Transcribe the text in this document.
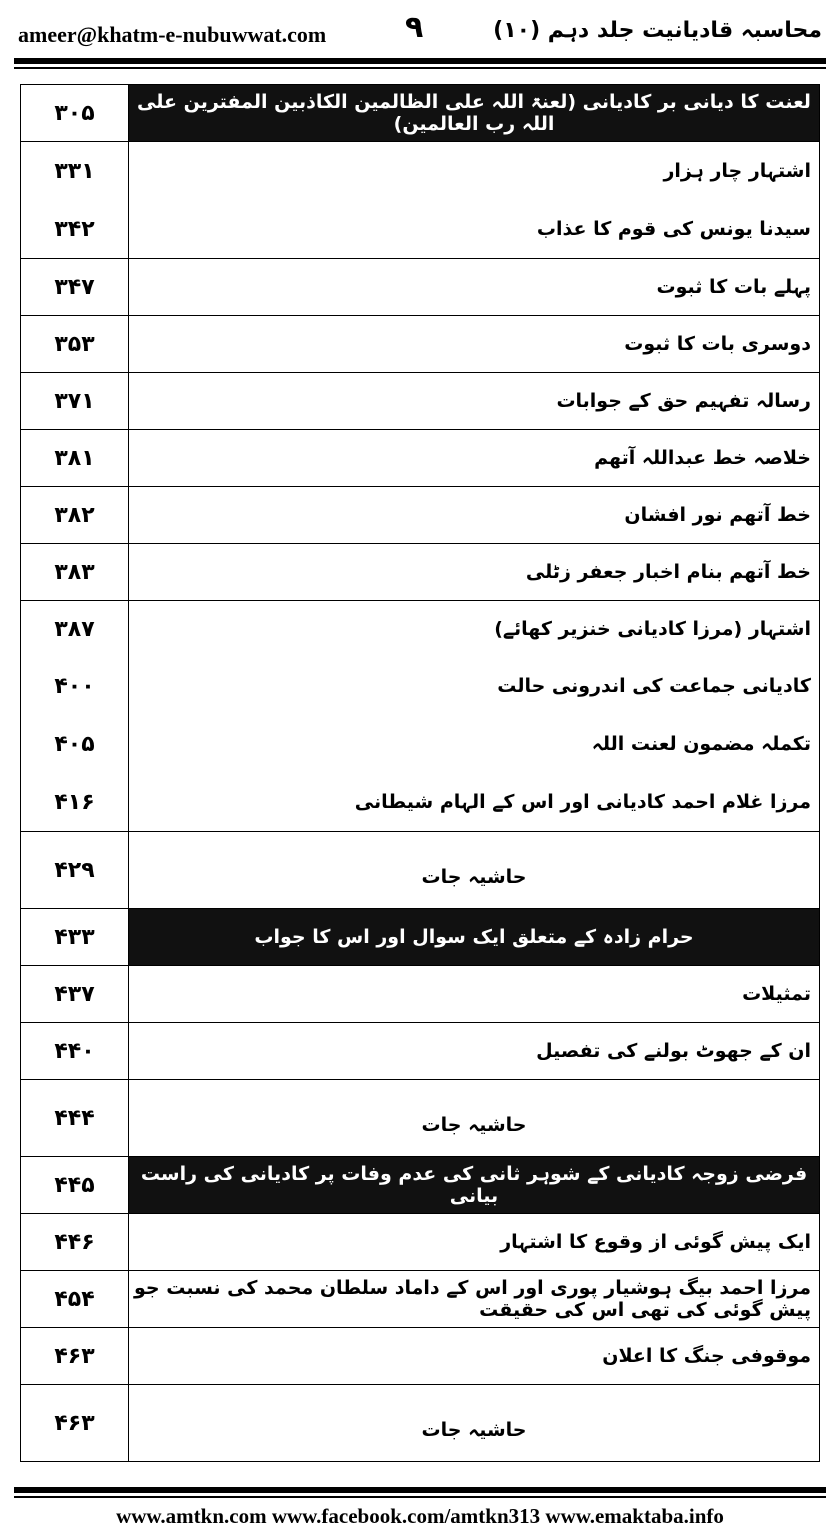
ameer@khatm-e-nubuwwat.com	۹	محاسبہ قادیانیت جلد دہم (۱۰)
۳۰۵	لعنت کا دیانی بر کادیانی (لعنۃ اللہ علی الظالمین الکاذبین المفترین علی اللہ رب العالمین)
۳۳۱	اشتہار چار ہزار
۳۴۲	سیدنا یونس کی قوم کا عذاب
۳۴۷	پہلے بات کا ثبوت
۳۵۳	دوسری بات کا ثبوت
۳۷۱	رسالہ تفہیم حق کے جوابات
۳۸۱	خلاصہ خط عبداللہ آتھم
۳۸۲	خط آتھم نور افشان
۳۸۳	خط آتھم بنام اخبار جعفر زٹلی
۳۸۷	اشتہار (مرزا کادیانی خنزیر کھائے)
۴۰۰	کادیانی جماعت کی اندرونی حالت
۴۰۵	تکملہ مضمون لعنت اللہ
۴۱۶	مرزا غلام احمد کادیانی اور اس کے الہام شیطانی
۴۲۹	حاشیہ جات
۴۳۳	حرام زادہ کے متعلق ایک سوال اور اس کا جواب
۴۳۷	تمثیلات
۴۴۰	ان کے جھوٹ بولنے کی تفصیل
۴۴۴	حاشیہ جات
۴۴۵	فرضی زوجہ کادیانی کے شوہر ثانی کی عدم وفات پر کادیانی کی راست بیانی
۴۴۶	ایک پیش گوئی از وقوع کا اشتہار
۴۵۴	مرزا احمد بیگ ہوشیار پوری اور اس کے داماد سلطان محمد کی نسبت جو پیش گوئی کی تھی اس کی حقیقت
۴۶۳	موقوفی جنگ کا اعلان
۴۶۳	حاشیہ جات
www.amtkn.com www.facebook.com/amtkn313 www.emaktaba.info
